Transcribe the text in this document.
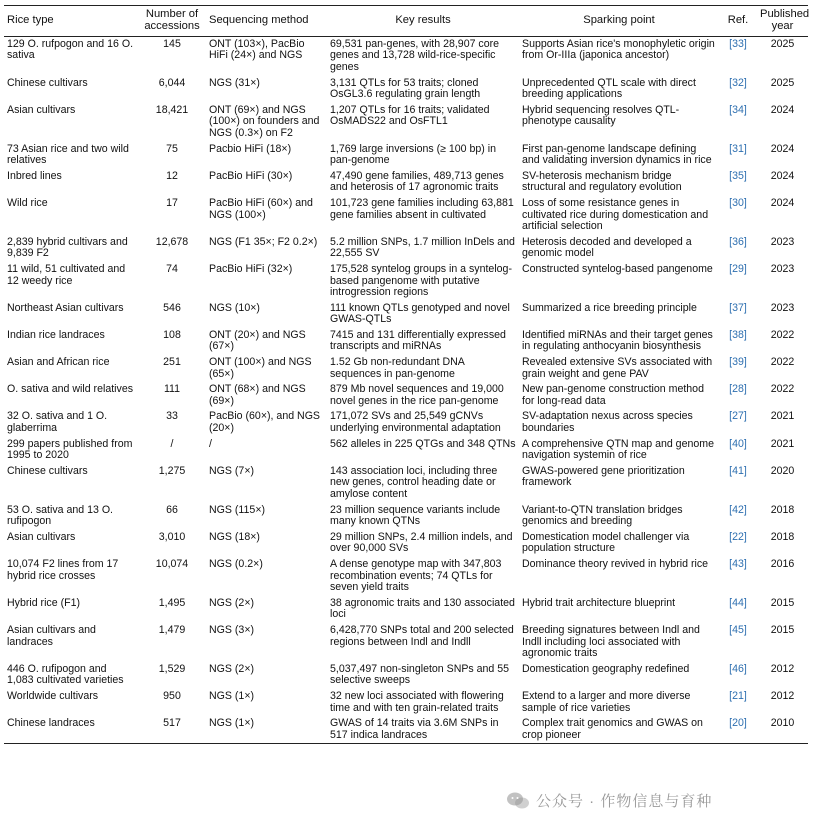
Rice type	Number of accessions	Sequencing method	Key results	Sparking point	Ref.	Published year
129 O. rufpogon and 16 O. sativa	145	ONT (103×), PacBio HiFi (24×) and NGS	69,531 pan-genes, with 28,907 core genes and 13,728 wild-rice-specific genes	Supports Asian rice's monophyletic origin from Or-IIIa (japonica ancestor)	[33]	2025
Chinese cultivars	6,044	NGS (31×)	3,131 QTLs for 53 traits; cloned OsGL3.6 regulating grain length	Unprecedented QTL scale with direct breeding applications	[32]	2025
Asian cultivars	18,421	ONT (69×) and NGS (100×) on founders and NGS (0.3×) on F2	1,207 QTLs for 16 traits; validated OsMADS22 and OsFTL1	Hybrid sequencing resolves QTL-phenotype causality	[34]	2024
73 Asian rice and two wild relatives	75	Pacbio HiFi (18×)	1,769 large inversions (≥ 100 bp) in pan-genome	First pan-genome landscape defining and validating inversion dynamics in rice	[31]	2024
Inbred lines	12	PacBio HiFi (30×)	47,490 gene families, 489,713 genes and heterosis of 17 agronomic traits	SV-heterosis mechanism bridge structural and regulatory evolution	[35]	2024
Wild rice	17	PacBio HiFi (60×) and NGS (100×)	101,723 gene families including 63,881 gene families absent in cultivated	Loss of some resistance genes in cultivated rice during domestication and artificial selection	[30]	2024
2,839 hybrid cultivars and 9,839 F2	12,678	NGS (F1 35×; F2 0.2×)	5.2 million SNPs, 1.7 million InDels and 22,555 SV	Heterosis decoded and developed a genomic model	[36]	2023
11 wild, 51 cultivated and 12 weedy rice	74	PacBio HiFi (32×)	175,528 syntelog groups in a syntelog-based pangenome with putative introgression regions	Constructed syntelog-based pangenome	[29]	2023
Northeast Asian cultivars	546	NGS (10×)	111 known QTLs genotyped and novel GWAS-QTLs	Summarized a rice breeding principle	[37]	2023
Indian rice landraces	108	ONT (20×) and NGS (67×)	7415 and 131 differentially expressed transcripts and miRNAs	Identified miRNAs and their target genes in regulating anthocyanin biosynthesis	[38]	2022
Asian and African rice	251	ONT (100×) and NGS (65×)	1.52 Gb non-redundant DNA sequences in pan-genome	Revealed extensive SVs associated with grain weight and gene PAV	[39]	2022
O. sativa and wild relatives	111	ONT (68×) and NGS (69×)	879 Mb novel sequences and 19,000 novel genes in the rice pan-genome	New pan-genome construction method for long-read data	[28]	2022
32 O. sativa and 1 O. glaberrima	33	PacBio (60×), and NGS (20×)	171,072 SVs and 25,549 gCNVs underlying environmental adaptation	SV-adaptation nexus across species boundaries	[27]	2021
299 papers published from 1995 to 2020	/	/	562 alleles in 225 QTGs and 348 QTNs	A comprehensive QTN map and genome navigation systemin of rice	[40]	2021
Chinese cultivars	1,275	NGS (7×)	143 association loci, including three new genes, control heading date or amylose content	GWAS-powered gene prioritization framework	[41]	2020
53 O. sativa and 13 O. rufipogon	66	NGS (115×)	23 million sequence variants include many known QTNs	Variant-to-QTN translation bridges genomics and breeding	[42]	2018
Asian cultivars	3,010	NGS (18×)	29 million SNPs, 2.4 million indels, and over 90,000 SVs	Domestication model challenger via population structure	[22]	2018
10,074 F2 lines from 17 hybrid rice crosses	10,074	NGS (0.2×)	A dense genotype map with 347,803 recombination events; 74 QTLs for seven yield traits	Dominance theory revived in hybrid rice	[43]	2016
Hybrid rice (F1)	1,495	NGS (2×)	38 agronomic traits and 130 associated loci	Hybrid trait architecture blueprint	[44]	2015
Asian cultivars and landraces	1,479	NGS (3×)	6,428,770 SNPs total and 200 selected regions between Indl and Indll	Breeding signatures between Indl and Indll including loci associated with agronomic traits	[45]	2015
446 O. rufipogon and 1,083 cultivated varieties	1,529	NGS (2×)	5,037,497 non-singleton SNPs and 55 selective sweeps	Domestication geography redefined	[46]	2012
Worldwide cultivars	950	NGS (1×)	32 new loci associated with flowering time and with ten grain-related traits	Extend to a larger and more diverse sample of rice varieties	[21]	2012
Chinese landraces	517	NGS (1×)	GWAS of 14 traits via 3.6M SNPs in 517 indica landraces	Complex trait genomics and GWAS on crop pioneer	[20]	2010
公众号 · 作物信息与育种
